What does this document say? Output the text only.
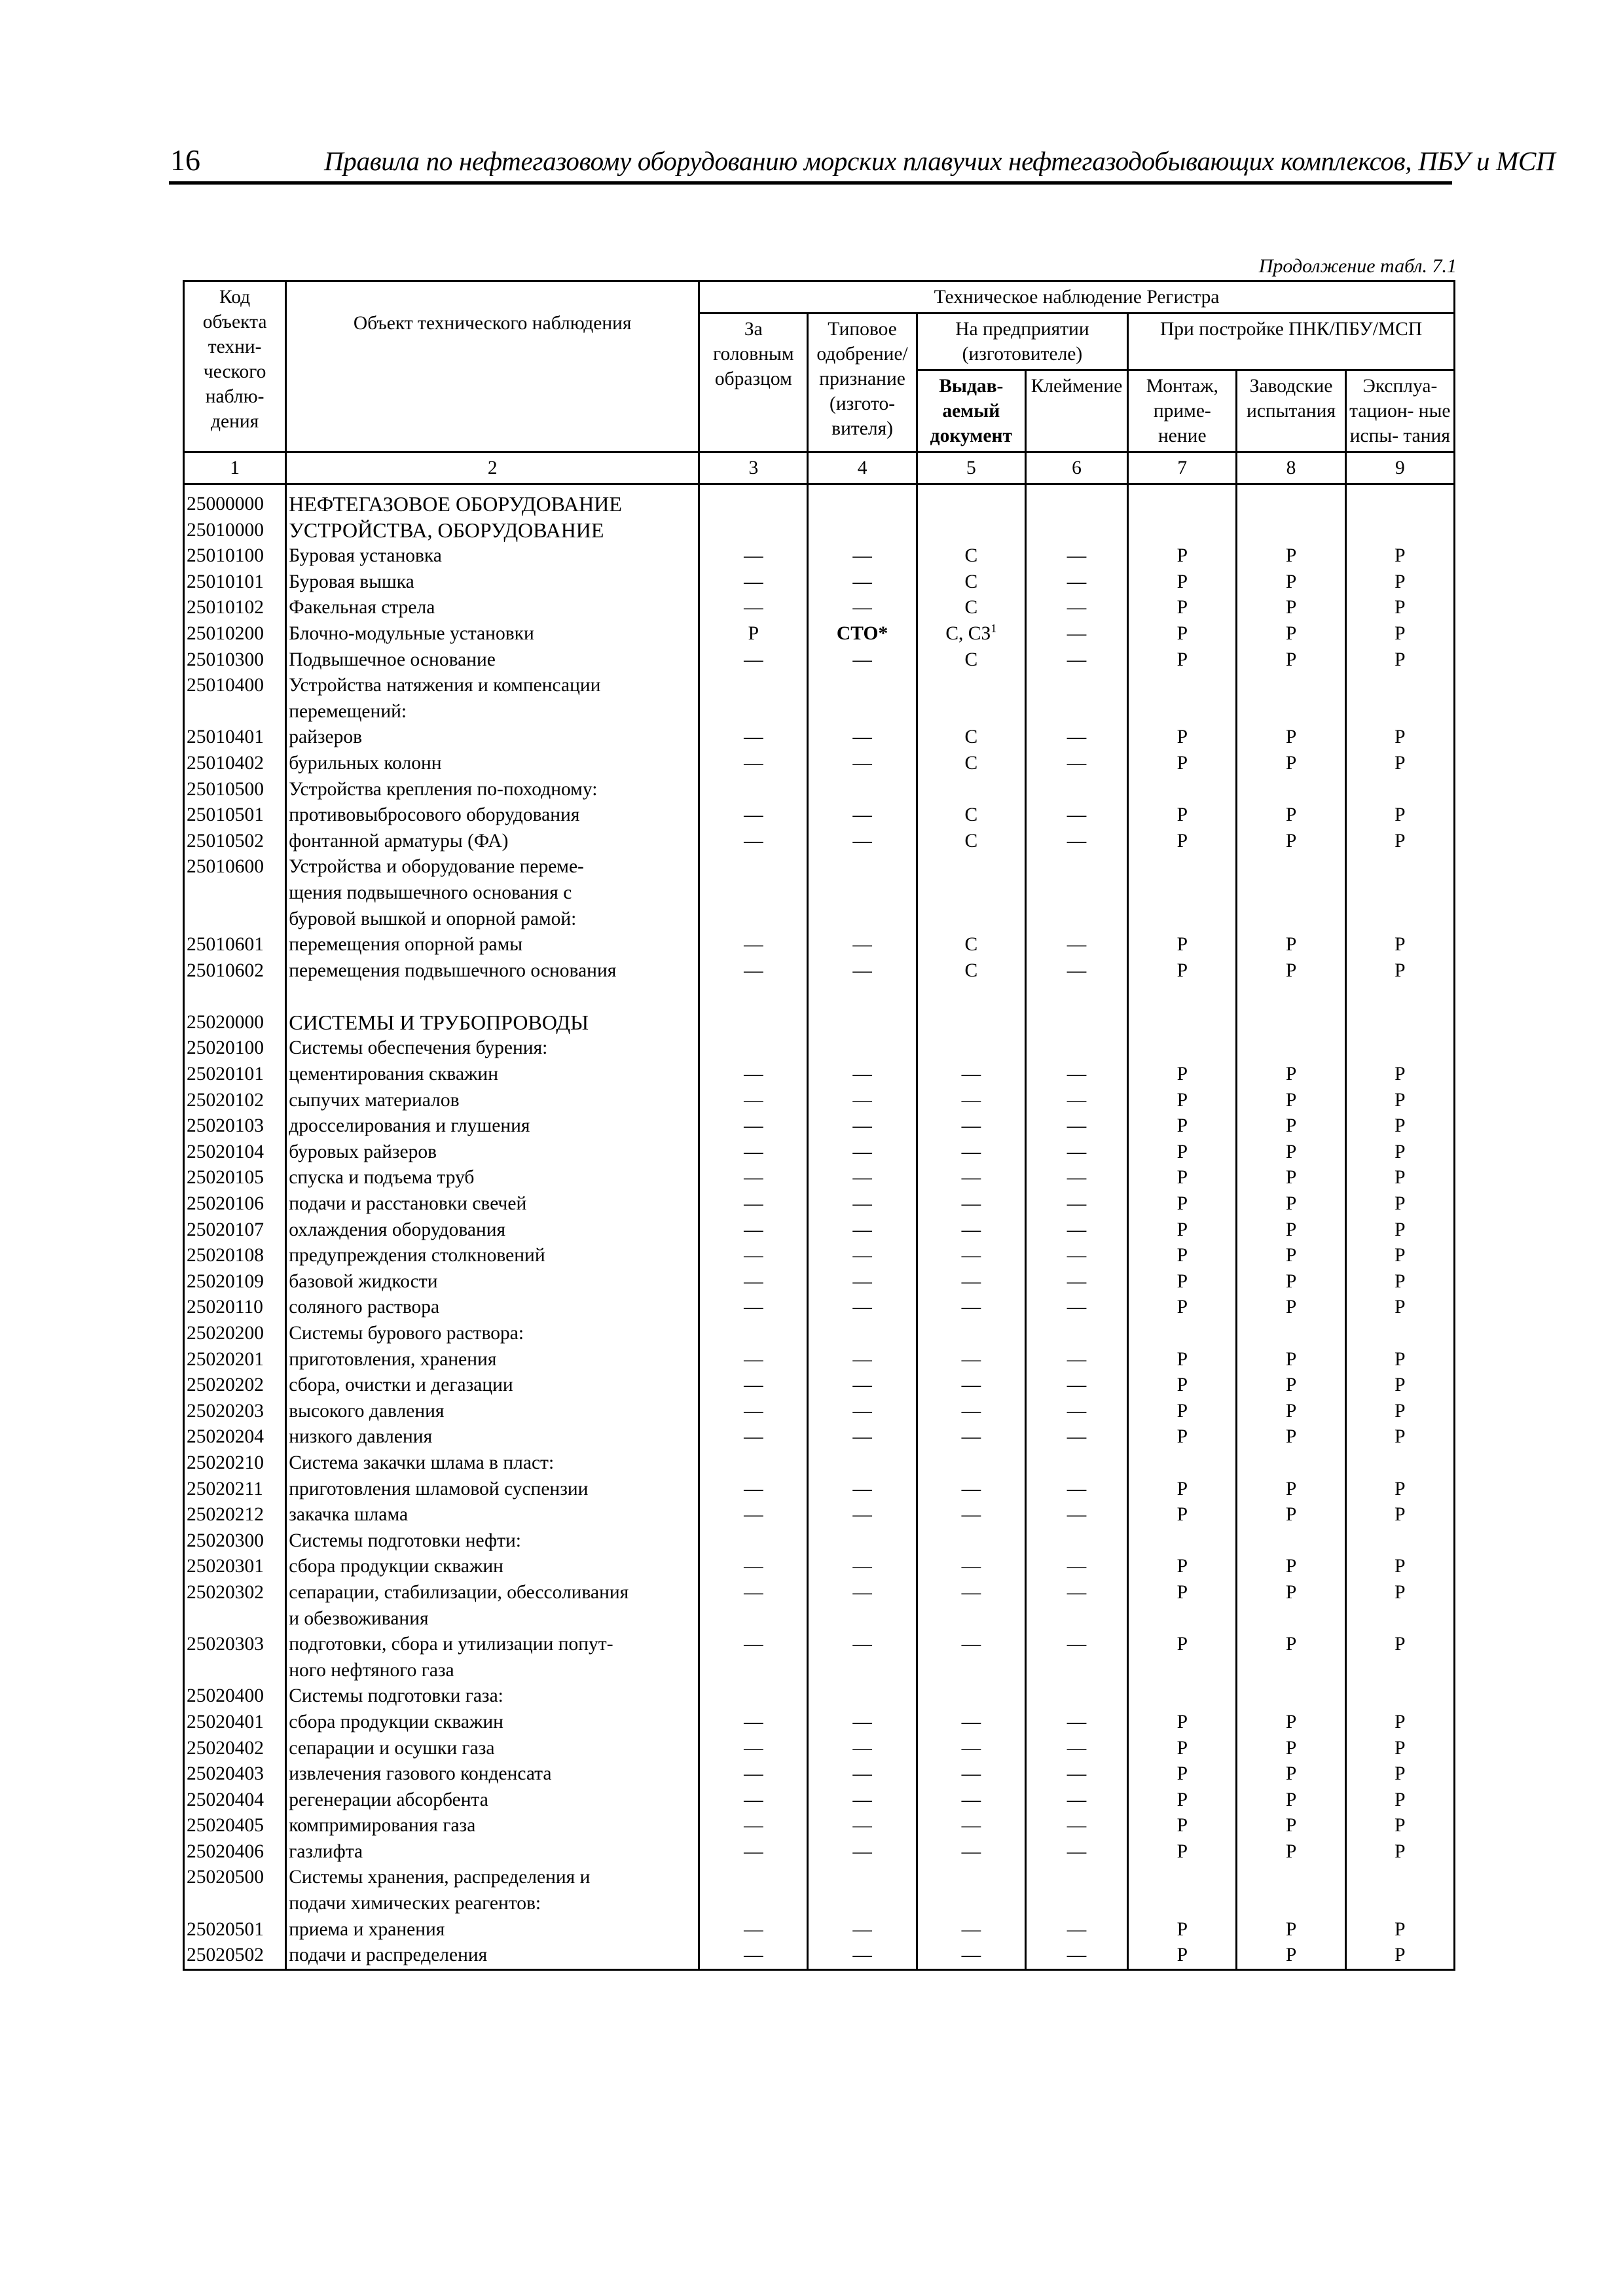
16	Правила по нефтегазовому оборудованию морских плавучих нефтегазодобывающих комплексов, ПБУ и МСП
Продолжение табл. 7.1
Код объекта техни- ческого наблю- дения	Объект технического наблюдения	Техническое наблюдение Регистра						
		За головным образцом	Типовое одобрение/ признание (изгото- вителя)	На предприятии (изготовителе)		При постройке ПНК/ПБУ/МСП		
				Выдав- аемый документ	Клеймение	Монтаж, приме- нение	Заводские испытания	Эксплуа- тацион- ные испы- тания
1	2	3	4	5	6	7	8	9
25000000	НЕФТЕГАЗОВОЕ ОБОРУДОВАНИЕ							
25010000	УСТРОЙСТВА, ОБОРУДОВАНИЕ							
25010100	Буровая установка	—	—	С	—	Р	Р	Р
25010101	Буровая вышка	—	—	С	—	Р	Р	Р
25010102	Факельная стрела	—	—	С	—	Р	Р	Р
25010200	Блочно-модульные установки	Р	СТО*	С, $СЗ^1$	—	Р	Р	Р
25010300	Подвышечное основание	—	—	С	—	Р	Р	Р
25010400	Устройства натяжения и компенсации							
	перемещений:							
25010401	райзеров	—	—	С	—	Р	Р	Р
25010402	бурильных колонн	—	—	С	—	Р	Р	Р
25010500	Устройства крепления по-походному:							
25010501	противовыбросового оборудования	—	—	С	—	Р	Р	Р
25010502	фонтанной арматуры (ФА)	—	—	С	—	Р	Р	Р
25010600	Устройства и оборудование переме-							
	щения подвышечного основания с							
	буровой вышкой и опорной рамой:							
25010601	перемещения опорной рамы	—	—	С	—	Р	Р	Р
25010602	перемещения подвышечного основания	—	—	С	—	Р	Р	Р

25020000	СИСТЕМЫ И ТРУБОПРОВОДЫ							
25020100	Системы обеспечения бурения:							
25020101	цементирования скважин	—	—	—	—	Р	Р	Р
25020102	сыпучих материалов	—	—	—	—	Р	Р	Р
25020103	дросселирования и глушения	—	—	—	—	Р	Р	Р
25020104	буровых райзеров	—	—	—	—	Р	Р	Р
25020105	спуска и подъема труб	—	—	—	—	Р	Р	Р
25020106	подачи и расстановки свечей	—	—	—	—	Р	Р	Р
25020107	охлаждения оборудования	—	—	—	—	Р	Р	Р
25020108	предупреждения столкновений	—	—	—	—	Р	Р	Р
25020109	базовой жидкости	—	—	—	—	Р	Р	Р
25020110	соляного раствора	—	—	—	—	Р	Р	Р
25020200	Системы бурового раствора:							
25020201	приготовления, хранения	—	—	—	—	Р	Р	Р
25020202	сбора, очистки и дегазации	—	—	—	—	Р	Р	Р
25020203	высокого давления	—	—	—	—	Р	Р	Р
25020204	низкого давления	—	—	—	—	Р	Р	Р
25020210	Система закачки шлама в пласт:							
25020211	приготовления шламовой суспензии	—	—	—	—	Р	Р	Р
25020212	закачка шлама	—	—	—	—	Р	Р	Р
25020300	Системы подготовки нефти:							
25020301	сбора продукции скважин	—	—	—	—	Р	Р	Р
25020302	сепарации, стабилизации, обессоливания	—	—	—	—	Р	Р	Р
	и обезвоживания							
25020303	подготовки, сбора и утилизации попут-	—	—	—	—	Р	Р	Р
	ного нефтяного газа							
25020400	Системы подготовки газа:							
25020401	сбора продукции скважин	—	—	—	—	Р	Р	Р
25020402	сепарации и осушки газа	—	—	—	—	Р	Р	Р
25020403	извлечения газового конденсата	—	—	—	—	Р	Р	Р
25020404	регенерации абсорбента	—	—	—	—	Р	Р	Р
25020405	компримирования газа	—	—	—	—	Р	Р	Р
25020406	газлифта	—	—	—	—	Р	Р	Р
25020500	Системы хранения, распределения и							
	подачи химических реагентов:							
25020501	приема и хранения	—	—	—	—	Р	Р	Р
25020502	подачи и распределения	—	—	—	—	Р	Р	Р
